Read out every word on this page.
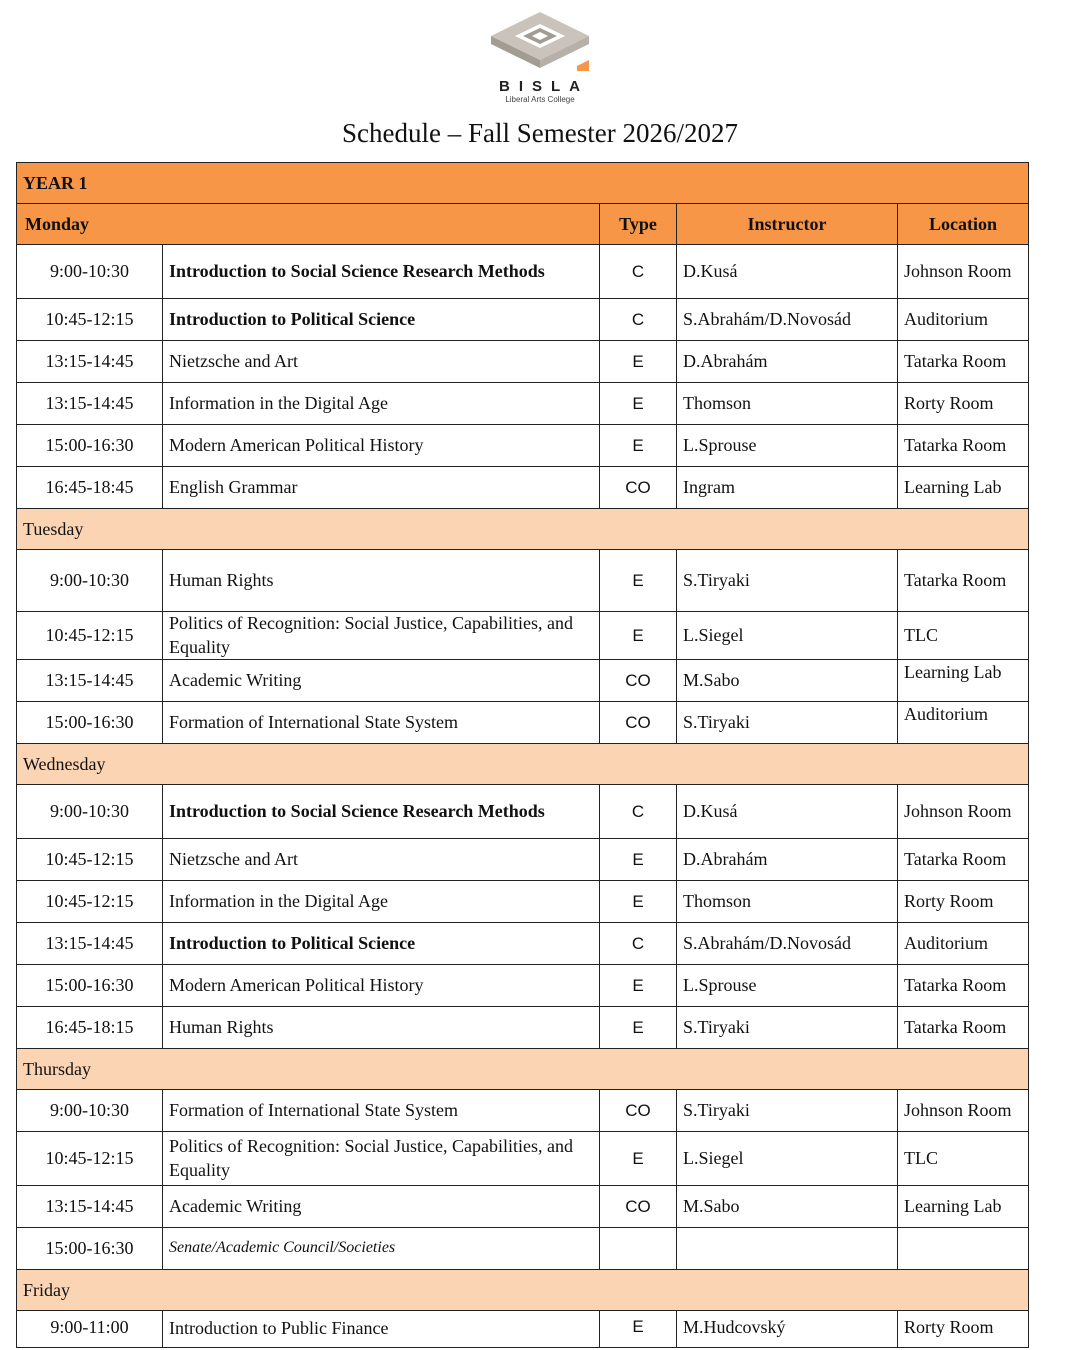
BISLA
Liberal Arts College
Schedule – Fall Semester 2026/2027
YEAR 1				
Monday		Type	Instructor	Location
9:00-10:30	Introduction to Social Science Research Methods	C	D.Kusá	Johnson Room
10:45-12:15	Introduction to Political Science	C	S.Abrahám/D.Novosád	Auditorium
13:15-14:45	Nietzsche and Art	E	D.Abrahám	Tatarka Room
13:15-14:45	Information in the Digital Age	E	Thomson	Rorty Room
15:00-16:30	Modern American Political History	E	L.Sprouse	Tatarka Room
16:45-18:45	English Grammar	CO	Ingram	Learning Lab
Tuesday				
9:00-10:30	Human Rights	E	S.Tiryaki	Tatarka Room
10:45-12:15	Politics of Recognition: Social Justice, Capabilities, and Equality	E	L.Siegel	TLC
13:15-14:45	Academic Writing	CO	M.Sabo	Learning Lab
15:00-16:30	Formation of International State System	CO	S.Tiryaki	Auditorium
Wednesday				
9:00-10:30	Introduction to Social Science Research Methods	C	D.Kusá	Johnson Room
10:45-12:15	Nietzsche and Art	E	D.Abrahám	Tatarka Room
10:45-12:15	Information in the Digital Age	E	Thomson	Rorty Room
13:15-14:45	Introduction to Political Science	C	S.Abrahám/D.Novosád	Auditorium
15:00-16:30	Modern American Political History	E	L.Sprouse	Tatarka Room
16:45-18:15	Human Rights	E	S.Tiryaki	Tatarka Room
Thursday				
9:00-10:30	Formation of International State System	CO	S.Tiryaki	Johnson Room
10:45-12:15	Politics of Recognition: Social Justice, Capabilities, and Equality	E	L.Siegel	TLC
13:15-14:45	Academic Writing	CO	M.Sabo	Learning Lab
15:00-16:30	Senate/Academic Council/Societies			
Friday				
9:00-11:00	Introduction to Public Finance	E	M.Hudcovský	Rorty Room
